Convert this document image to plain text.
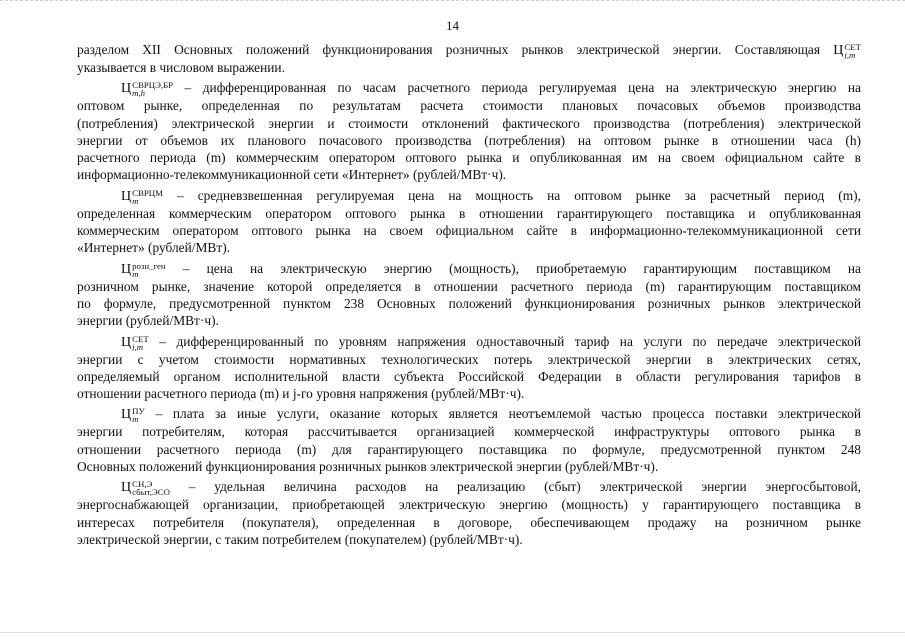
14
разделом XII Основных положений функционирования розничных рынков электрической энергии. Составляющая Ц СЕТ
j,m
указывается в числовом выражении.
Ц СВРЦЭ,БР
m,h	– дифференцированная по часам расчетного периода регулируемая цена на электрическую энергию на
оптовом рынке, определенная по результатам расчета стоимости плановых почасовых объемов производства
(потребления) электрической энергии и стоимости отклонений фактического производства (потребления) электрической
энергии от объемов их планового почасового производства (потребления) на оптовом рынке в отношении часа (h)
расчетного периода (m) коммерческим оператором оптового рынка и опубликованная им на своем официальном сайте в
информационно-телекоммуникационной сети «Интернет» (рублей/МВт·ч).
Ц СВРЦМ
m	– средневзвешенная регулируемая цена на мощность на оптовом рынке за расчетный период (m),
определенная коммерческим оператором оптового рынка в отношении гарантирующего поставщика и опубликованная
коммерческим оператором оптового рынка на своем официальном сайте в информационно-телекоммуникационной сети
«Интернет» (рублей/МВт).
Ц розн_ген
m	– цена на электрическую энергию (мощность), приобретаемую гарантирующим поставщиком на
розничном рынке, значение которой определяется в отношении расчетного периода (m) гарантирующим поставщиком
по формуле, предусмотренной пунктом 238 Основных положений функционирования розничных рынков электрической
энергии (рублей/МВт·ч).
Ц СЕТ
j,m – дифференцированный по уровням напряжения одноставочный тариф на услуги по передаче электрической
энергии с учетом стоимости нормативных технологических потерь электрической энергии в электрических сетях,
определяемый органом исполнительной власти субъекта Российской Федерации в области регулирования тарифов в
отношении расчетного периода (m) и j-го уровня напряжения (рублей/МВт·ч).
Ц ПУ
m – плата за иные услуги, оказание которых является неотъемлемой частью процесса поставки электрической
энергии потребителям, которая рассчитывается организацией коммерческой инфраструктуры оптового рынка в
отношении расчетного периода (m) для гарантирующего поставщика по формуле, предусмотренной пунктом 248
Основных положений функционирования розничных рынков электрической энергии (рублей/МВт·ч).
Ц СН,Э
сбыт,ЭСО – удельная величина расходов на реализацию (сбыт) электрической энергии энергосбытовой,
энергоснабжающей организации, приобретающей электрическую энергию (мощность) у гарантирующего поставщика в
интересах потребителя (покупателя), определенная в договоре, обеспечивающем продажу на розничном рынке
электрической энергии, с таким потребителем (покупателем) (рублей/МВт·ч).
